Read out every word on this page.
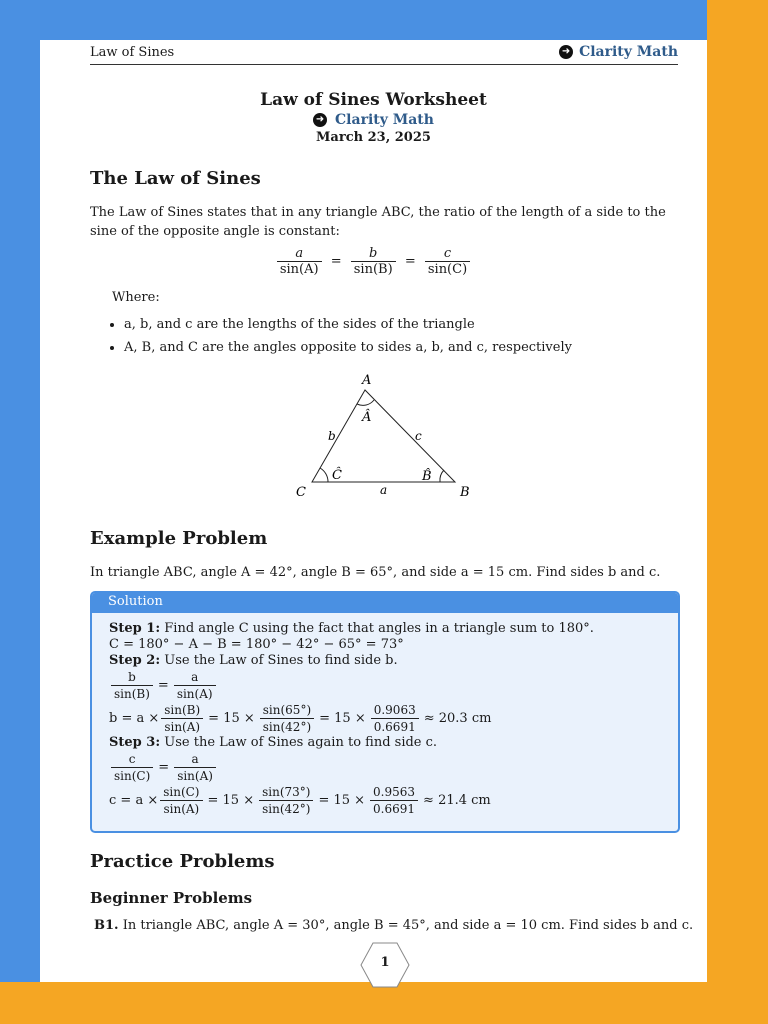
Law of Sines	➜ Clarity Math
Law of Sines Worksheet
➜ Clarity Math
March 23, 2025
The Law of Sines

The Law of Sines states that in any triangle ABC, the ratio of the length of a side to the sine of the opposite angle is constant:

$\frac{a}{\sin(A)} = \frac{b}{\sin(B)} = \frac{c}{\sin(C)}$
Where:
• a, b, and c are the lengths of the sides of the triangle
• A, B, and C are the angles opposite to sides a, b, and c, respectively
A
C	B
b	c
a
Â
Ĉ	B̂
Example Problem

In triangle ABC, angle A = 42°, angle B = 65°, and side a = 15 cm. Find sides b and c.

Solution
Step 1: Find angle C using the fact that angles in a triangle sum to 180°.
C = 180° − A − B = 180° − 42° − 65° = 73°
Step 2: Use the Law of Sines to find side b.
$\frac{b}{\sin(B)} = \frac{a}{\sin(A)}$
$b = a \times \frac{\sin(B)}{\sin(A)} = 15 \times \frac{\sin(65^\circ)}{\sin(42^\circ)} = 15 \times \frac{0.9063}{0.6691} \approx 20.3$ cm
Step 3: Use the Law of Sines again to find side c.
$\frac{c}{\sin(C)} = \frac{a}{\sin(A)}$
$c = a \times \frac{\sin(C)}{\sin(A)} = 15 \times \frac{\sin(73^\circ)}{\sin(42^\circ)} = 15 \times \frac{0.9563}{0.6691} \approx 21.4$ cm
Practice Problems
Beginner Problems
B1. In triangle ABC, angle A = 30°, angle B = 45°, and side a = 10 cm. Find sides b and c.
1
